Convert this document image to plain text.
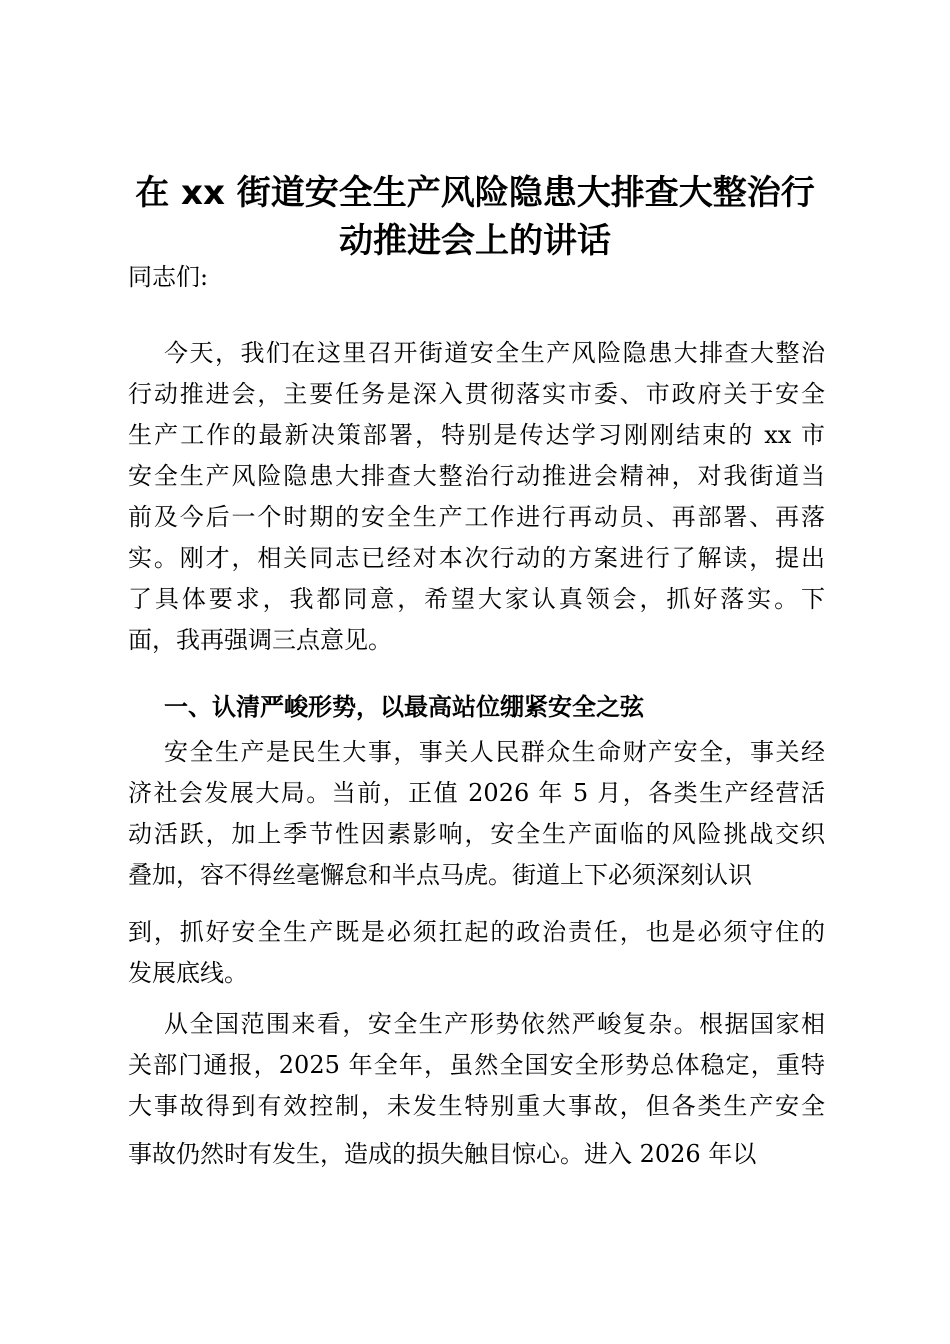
在 xx 街道安全生产风险隐患大排查大整治行
动推进会上的讲话
同志们:
今天，我们在这里召开街道安全生产风险隐患大排查大整治
行动推进会，主要任务是深入贯彻落实市委、市政府关于安全
生产工作的最新决策部署，特别是传达学习刚刚结束的 xx 市
安全生产风险隐患大排查大整治行动推进会精神，对我街道当
前及今后一个时期的安全生产工作进行再动员、再部署、再落
实。刚才，相关同志已经对本次行动的方案进行了解读，提出
了具体要求，我都同意，希望大家认真领会，抓好落实。下
面，我再强调三点意见。
一、认清严峻形势，以最高站位绷紧安全之弦
安全生产是民生大事，事关人民群众生命财产安全，事关经
济社会发展大局。当前，正值 2026 年 5 月，各类生产经营活
动活跃，加上季节性因素影响，安全生产面临的风险挑战交织
叠加，容不得丝毫懈怠和半点马虎。街道上下必须深刻认识
到，抓好安全生产既是必须扛起的政治责任，也是必须守住的
发展底线。
从全国范围来看，安全生产形势依然严峻复杂。根据国家相
关部门通报，2025 年全年，虽然全国安全形势总体稳定，重特
大事故得到有效控制，未发生特别重大事故，但各类生产安全
事故仍然时有发生，造成的损失触目惊心。进入 2026 年以
